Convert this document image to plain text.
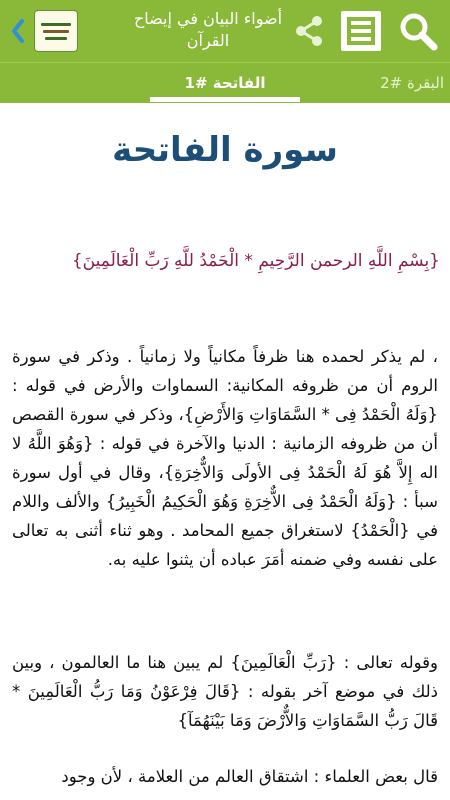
أضواء البيان في إيضاح القرآن
الفاتحة #1	البقرة #2
سورة الفاتحة
{بِسْمِ اللَّهِ الرحمن الرَّحِيمِ * الْحَمْدُ للَّهِ رَبِّ الْعَالَمِينَ}
، لم يذكر لحمده هنا ظرفاً مكانياً ولا زمانياً . وذكر في سورة الروم أن من ظروفه المكانية: السماوات والأرض في قوله : {وَلَهُ الْحَمْدُ فِى * السَّمَاوَاتِ وَالأَرْضِ}، وذكر في سورة القصص أن من ظروفه الزمانية : الدنيا والآخرة في قوله : {وَهُوَ اللَّهُ لا اله إِلاَّ هُوَ لَهُ الْحَمْدُ فِى الأولَى وَالاٌّخِرَةِ}، وقال في أول سورة سبأ : {وَلَهُ الْحَمْدُ فِى الاٌّخِرَةِ وَهُوَ الْحَكِيمُ الْخَبِيرُ} والألف واللام في {الْحَمْدُ} لاستغراق جميع المحامد . وهو ثناء أثنى به تعالى على نفسه وفي ضمنه أمَرَ عباده أن يثنوا عليه به.
وقوله تعالى : {رَبِّ الْعَالَمِينَ} لم يبين هنا ما العالمون ، وبين ذلك في موضع آخر بقوله : {قَالَ فِرْعَوْنُ وَمَا رَبُّ الْعَالَمِينَ * قَالَ رَبُّ السَّمَاوَاتِ وَالاٌّرْضَ وَمَا بَيْنَهُمَآ}
قال بعض العلماء : اشتقاق العالم من العلامة ، لأن وجود
